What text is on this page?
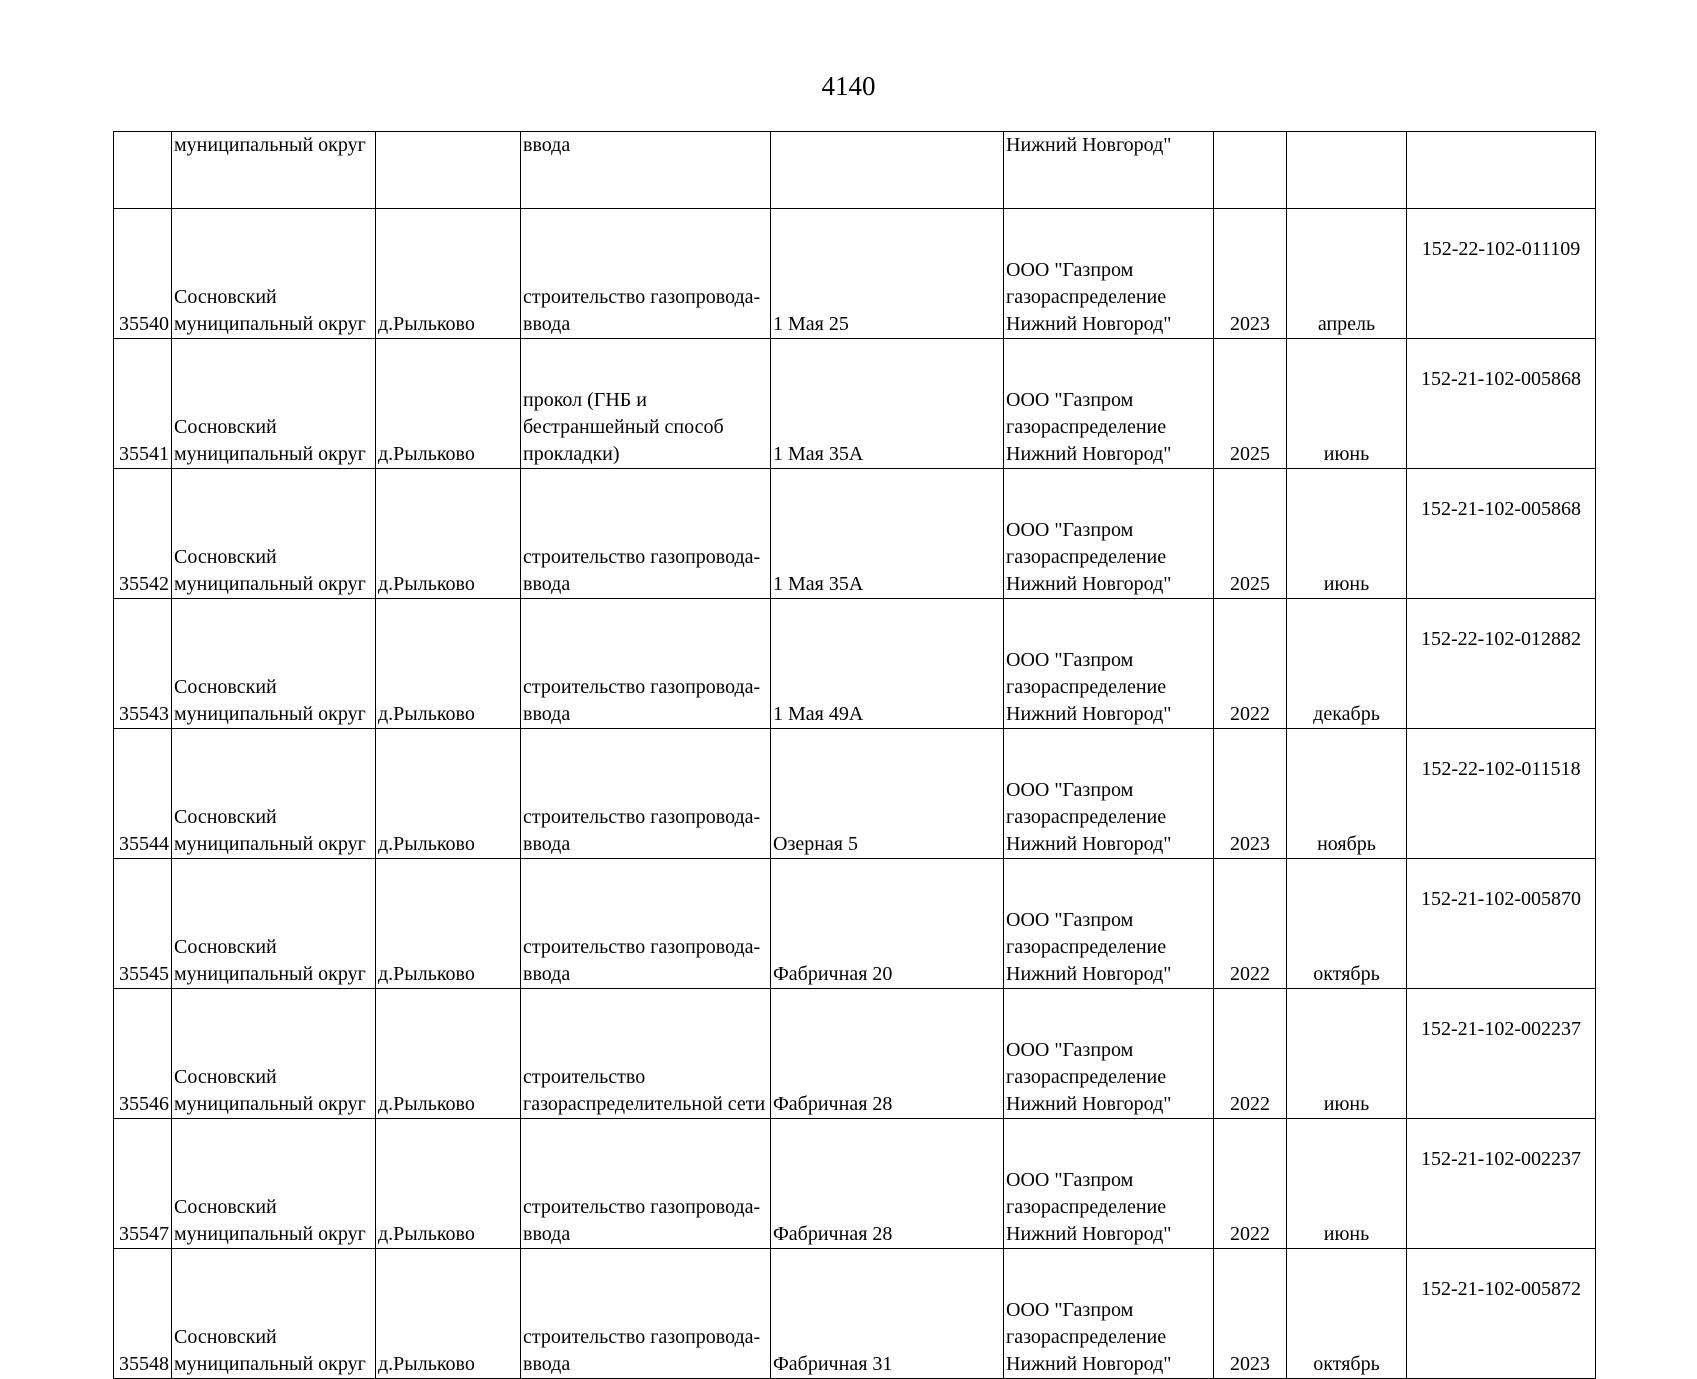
4140
	муниципальный округ		ввода		Нижний Новгород"			
35540	Сосновский
муниципальный округ	д.Рыльково	строительство газопровода-
ввода	1 Мая 25	ООО "Газпром
газораспределение
Нижний Новгород"	2023	апрель	152-22-102-011109
35541	Сосновский
муниципальный округ	д.Рыльково	прокол (ГНБ и
бестраншейный способ
прокладки)	1 Мая 35А	ООО "Газпром
газораспределение
Нижний Новгород"	2025	июнь	152-21-102-005868
35542	Сосновский
муниципальный округ	д.Рыльково	строительство газопровода-
ввода	1 Мая 35А	ООО "Газпром
газораспределение
Нижний Новгород"	2025	июнь	152-21-102-005868
35543	Сосновский
муниципальный округ	д.Рыльково	строительство газопровода-
ввода	1 Мая 49А	ООО "Газпром
газораспределение
Нижний Новгород"	2022	декабрь	152-22-102-012882
35544	Сосновский
муниципальный округ	д.Рыльково	строительство газопровода-
ввода	Озерная 5	ООО "Газпром
газораспределение
Нижний Новгород"	2023	ноябрь	152-22-102-011518
35545	Сосновский
муниципальный округ	д.Рыльково	строительство газопровода-
ввода	Фабричная 20	ООО "Газпром
газораспределение
Нижний Новгород"	2022	октябрь	152-21-102-005870
35546	Сосновский
муниципальный округ	д.Рыльково	строительство
газораспределительной сети	Фабричная 28	ООО "Газпром
газораспределение
Нижний Новгород"	2022	июнь	152-21-102-002237
35547	Сосновский
муниципальный округ	д.Рыльково	строительство газопровода-
ввода	Фабричная 28	ООО "Газпром
газораспределение
Нижний Новгород"	2022	июнь	152-21-102-002237
35548	Сосновский
муниципальный округ	д.Рыльково	строительство газопровода-
ввода	Фабричная 31	ООО "Газпром
газораспределение
Нижний Новгород"	2023	октябрь	152-21-102-005872
